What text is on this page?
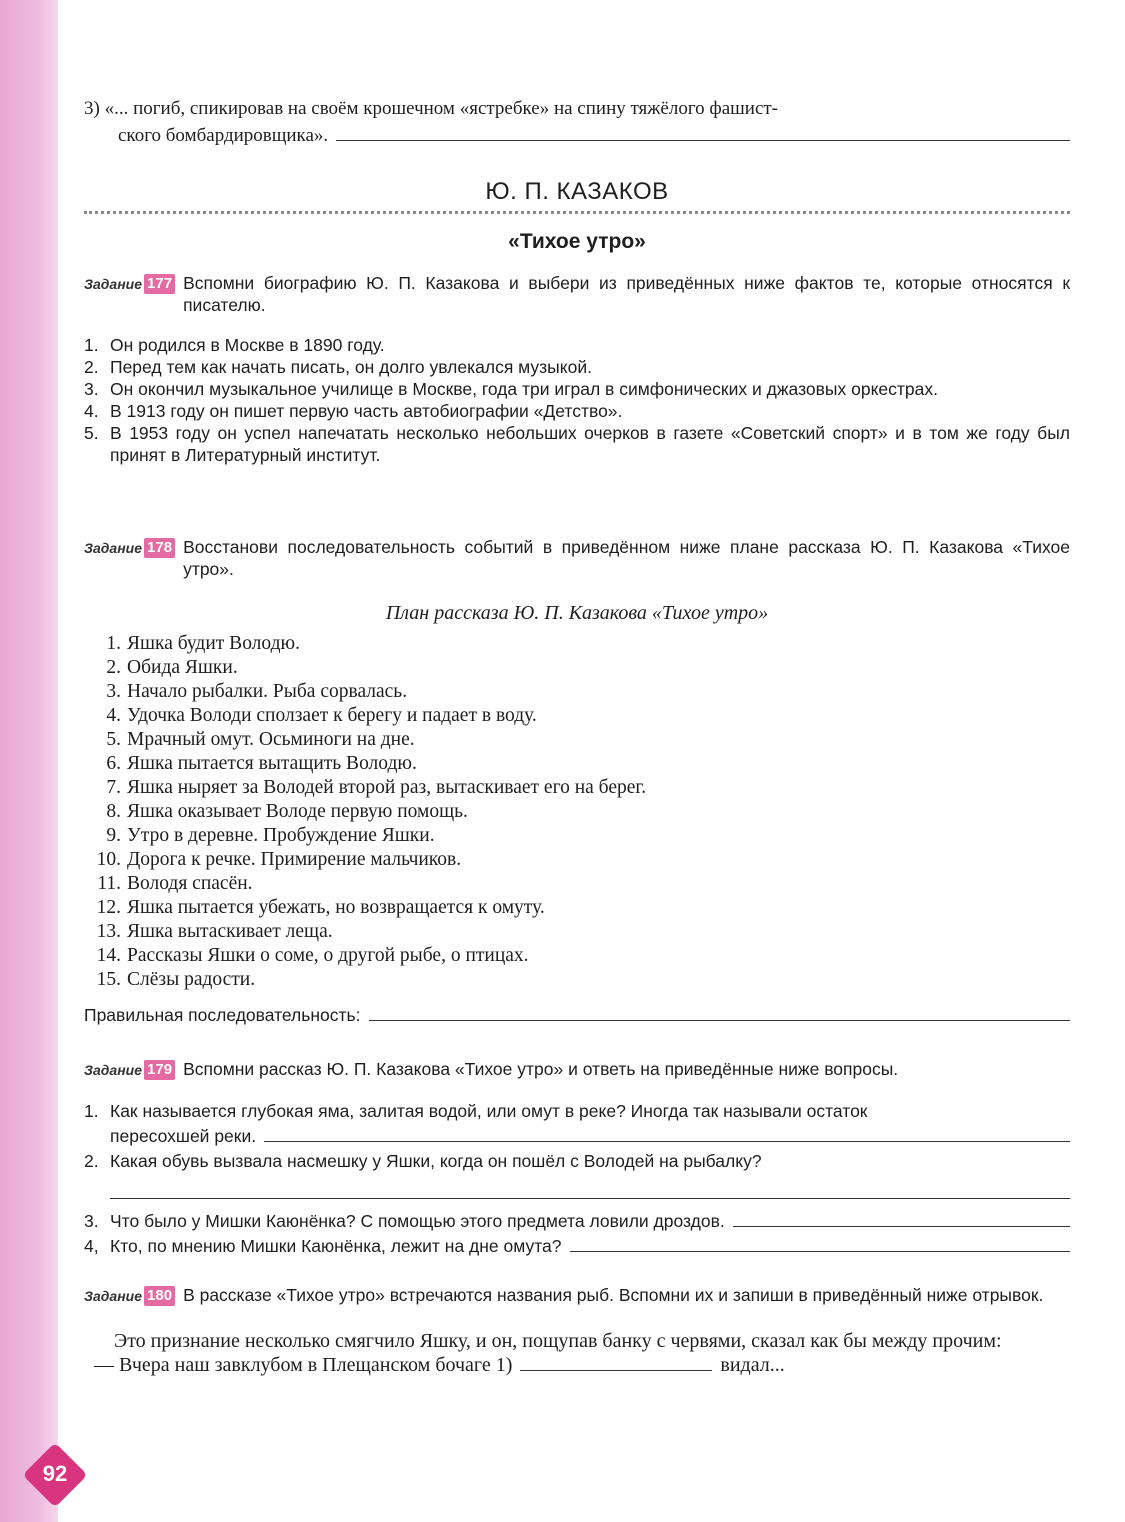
92
3) «... погиб, спикировав на своём крошечном «ястребке» на спину тяжёлого фашист-
ского бомбардировщика».
Ю. П. КАЗАКОВ
«Тихое утро»
Задание 177 Вспомни биографию Ю. П. Казакова и выбери из приведённых ниже фактов те, которые относятся к писателю.
1. Он родился в Москве в 1890 году.
2. Перед тем как начать писать, он долго увлекался музыкой.
3. Он окончил музыкальное училище в Москве, года три играл в симфонических и джазовых оркестрах.
4. В 1913 году он пишет первую часть автобиографии «Детство».
5. В 1953 году он успел напечатать несколько небольших очерков в газете «Советский спорт» и в том же году был принят в Литературный институт.
Задание 178 Восстанови последовательность событий в приведённом ниже плане рассказа Ю. П. Казакова «Тихое утро».
План рассказа Ю. П. Казакова «Тихое утро»
1. Яшка будит Володю.
2. Обида Яшки.
3. Начало рыбалки. Рыба сорвалась.
4. Удочка Володи сползает к берегу и падает в воду.
5. Мрачный омут. Осьминоги на дне.
6. Яшка пытается вытащить Володю.
7. Яшка ныряет за Володей второй раз, вытаскивает его на берег.
8. Яшка оказывает Володе первую помощь.
9. Утро в деревне. Пробуждение Яшки.
10. Дорога к речке. Примирение мальчиков.
11. Володя спасён.
12. Яшка пытается убежать, но возвращается к омуту.
13. Яшка вытаскивает леща.
14. Рассказы Яшки о соме, о другой рыбе, о птицах.
15. Слёзы радости.
Правильная последовательность:
Задание 179 Вспомни рассказ Ю. П. Казакова «Тихое утро» и ответь на приведённые ниже вопросы.
1. Как называется глубокая яма, залитая водой, или омут в реке? Иногда так называли остаток
пересохшей реки.
2. Какая обувь вызвала насмешку у Яшки, когда он пошёл с Володей на рыбалку?
3. Что было у Мишки Каюнёнка? С помощью этого предмета ловили дроздов.
4, Кто, по мнению Мишки Каюнёнка, лежит на дне омута?
Задание 180 В рассказе «Тихое утро» встречаются названия рыб. Вспомни их и запиши в приведённый ниже отрывок.

Это признание несколько смягчило Яшку, и он, пощупав банку с червями, сказал как бы между прочим:

— Вчера наш завклубом в Плещанском бочаге 1)	видал...
